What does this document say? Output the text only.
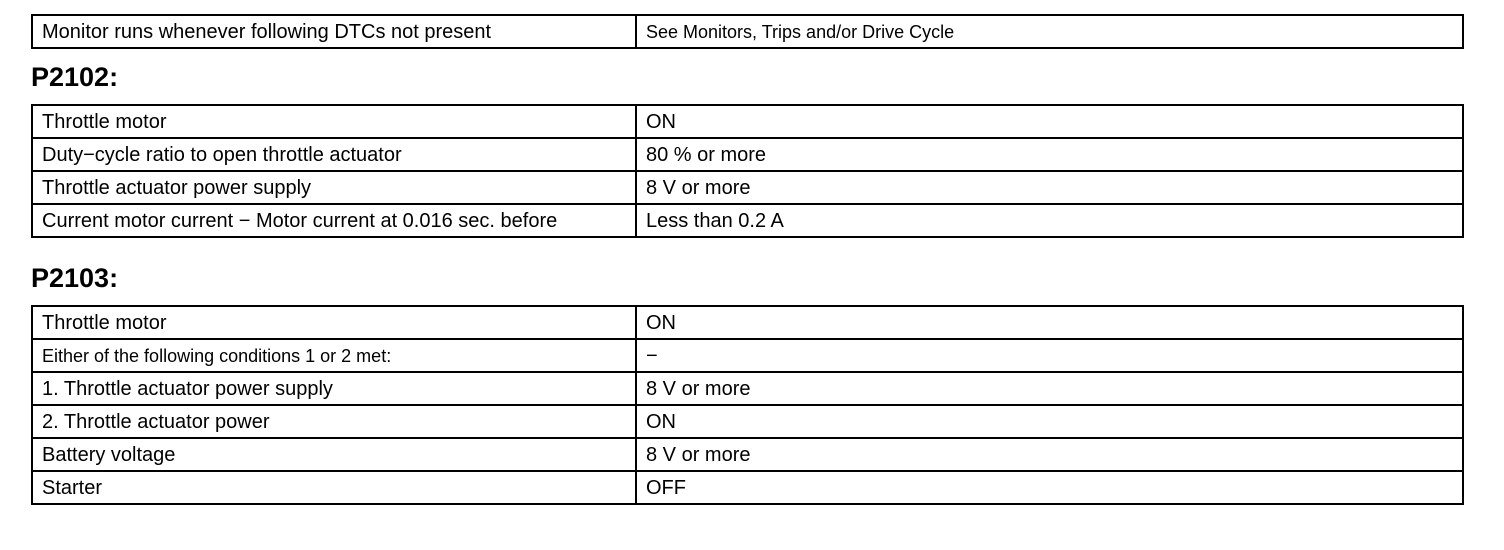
Monitor runs whenever following DTCs not present	See Monitors, Trips and/or Drive Cycle
P2102:
Throttle motor	ON
Duty−cycle ratio to open throttle actuator	80 % or more
Throttle actuator power supply	8 V or more
Current motor current − Motor current at 0.016 sec. before	Less than 0.2 A
P2103:
Throttle motor	ON
Either of the following conditions 1 or 2 met:	−
1. Throttle actuator power supply	8 V or more
2. Throttle actuator power	ON
Battery voltage	8 V or more
Starter	OFF
